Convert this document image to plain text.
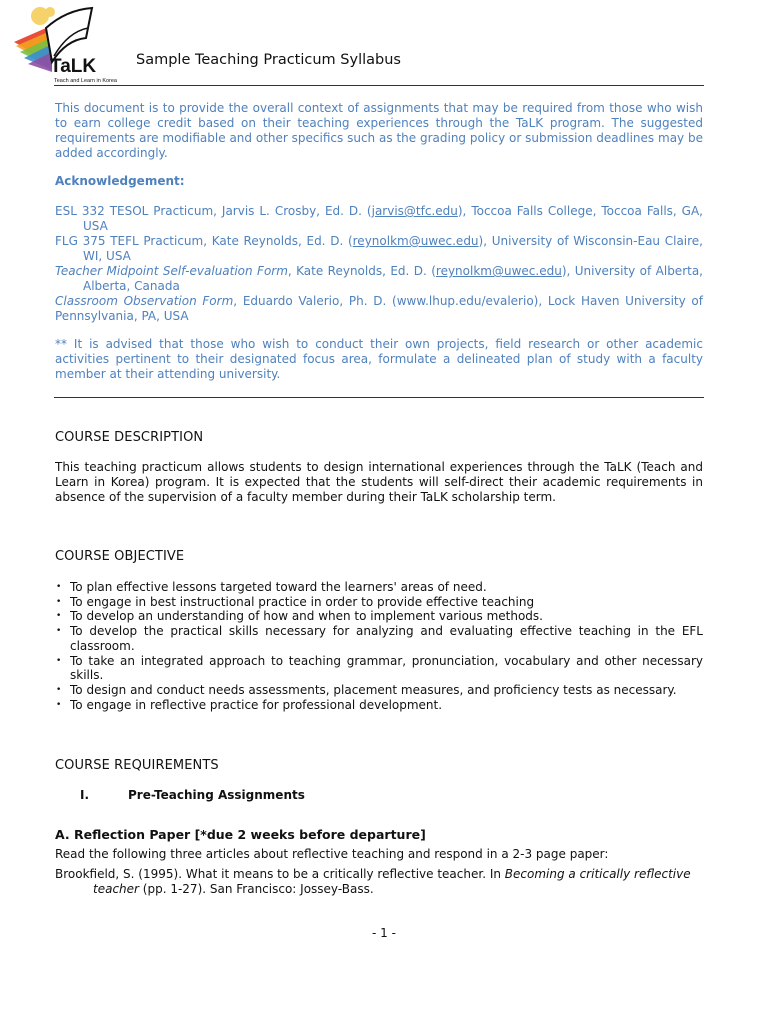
TaLK
Teach and Learn in Korea
Sample Teaching Practicum Syllabus
This document is to provide the overall context of assignments that may be required from those who wish to earn college credit based on their teaching experiences through the TaLK program. The suggested requirements are modifiable and other specifics such as the grading policy or submission deadlines may be added accordingly.
Acknowledgement:
ESL 332 TESOL Practicum, Jarvis L. Crosby, Ed. D. (jarvis@tfc.edu), Toccoa Falls College, Toccoa Falls, GA, USA
FLG 375 TEFL Practicum, Kate Reynolds, Ed. D. (reynolkm@uwec.edu), University of Wisconsin-Eau Claire, WI, USA
Teacher Midpoint Self-evaluation Form, Kate Reynolds, Ed. D. (reynolkm@uwec.edu), University of Alberta, Alberta, Canada
Classroom Observation Form, Eduardo Valerio, Ph. D. (www.lhup.edu/evalerio), Lock Haven University of Pennsylvania, PA, USA
** It is advised that those who wish to conduct their own projects, field research or other academic activities pertinent to their designated focus area, formulate a delineated plan of study with a faculty member at their attending university.
COURSE DESCRIPTION
This teaching practicum allows students to design international experiences through the TaLK (Teach and Learn in Korea) program. It is expected that the students will self-direct their academic requirements in absence of the supervision of a faculty member during their TaLK scholarship term.
COURSE OBJECTIVE
• To plan effective lessons targeted toward the learners' areas of need.
• To engage in best instructional practice in order to provide effective teaching
• To develop an understanding of how and when to implement various methods.
• To develop the practical skills necessary for analyzing and evaluating effective teaching in the EFL classroom.
• To take an integrated approach to teaching grammar, pronunciation, vocabulary and other necessary skills.
• To design and conduct needs assessments, placement measures, and proficiency tests as necessary.
• To engage in reflective practice for professional development.
COURSE REQUIREMENTS
I.	Pre-Teaching Assignments
A. Reflection Paper [*due 2 weeks before departure]
Read the following three articles about reflective teaching and respond in a 2-3 page paper:
Brookfield, S. (1995). What it means to be a critically reflective teacher. In Becoming a critically reflective teacher (pp. 1-27). San Francisco: Jossey-Bass.
- 1 -
